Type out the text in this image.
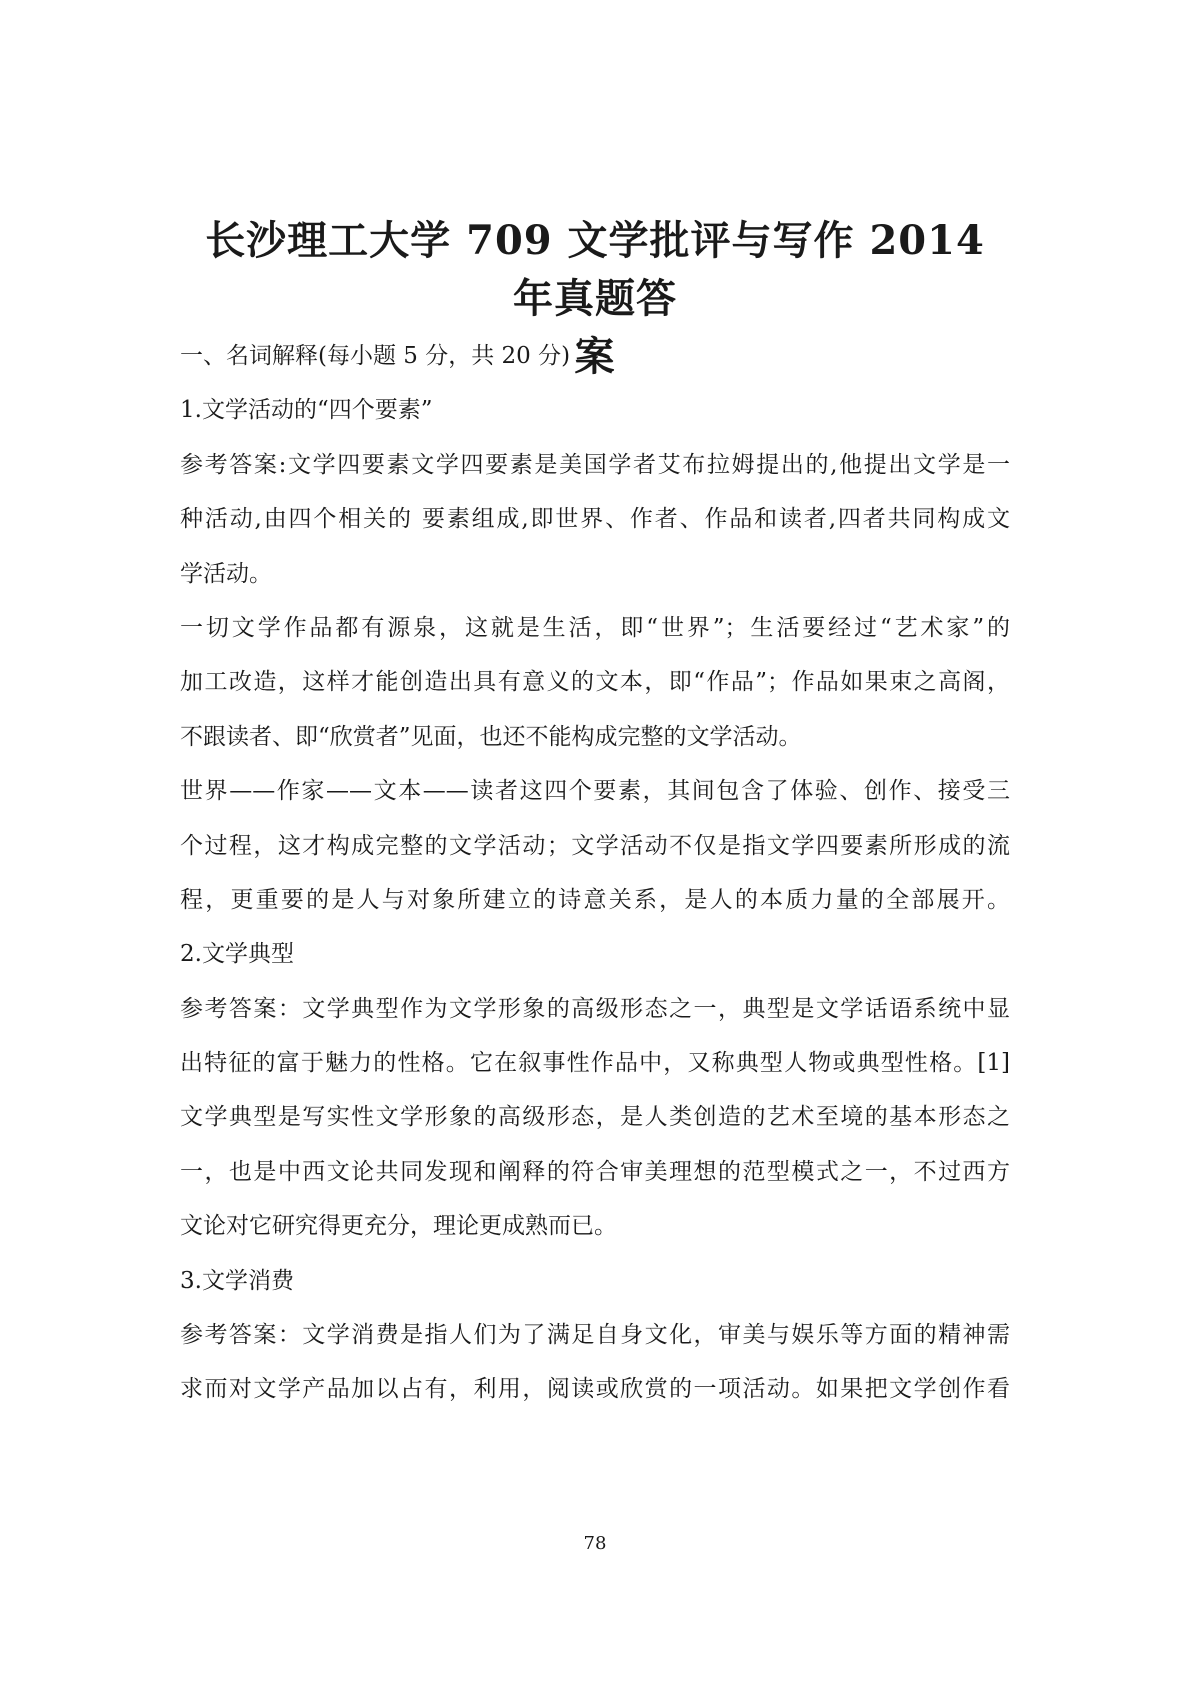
长沙理工大学 709 文学批评与写作 2014 年真题答
案

一、名词解释(每小题 5 分，共 20 分)

1.文学活动的“四个要素”

参考答案:文学四要素文学四要素是美国学者艾布拉姆提出的,他提出文学是一

种活动,由四个相关的 要素组成,即世界、作者、作品和读者,四者共同构成文

学活动。

一切文学作品都有源泉，这就是生活，即“世界”；生活要经过“艺术家”的

加工改造，这样才能创造出具有意义的文本，即“作品”；作品如果束之高阁，

不跟读者、即“欣赏者”见面，也还不能构成完整的文学活动。

世界——作家——文本——读者这四个要素，其间包含了体验、创作、接受三

个过程，这才构成完整的文学活动；文学活动不仅是指文学四要素所形成的流

程，更重要的是人与对象所建立的诗意关系，是人的本质力量的全部展开。

2.文学典型

参考答案：文学典型作为文学形象的高级形态之一，典型是文学话语系统中显

出特征的富于魅力的性格。它在叙事性作品中，又称典型人物或典型性格。[1]

文学典型是写实性文学形象的高级形态，是人类创造的艺术至境的基本形态之

一，也是中西文论共同发现和阐释的符合审美理想的范型模式之一，不过西方

文论对它研究得更充分，理论更成熟而已。

3.文学消费

参考答案：文学消费是指人们为了满足自身文化，审美与娱乐等方面的精神需

求而对文学产品加以占有，利用，阅读或欣赏的一项活动。如果把文学创作看

78
